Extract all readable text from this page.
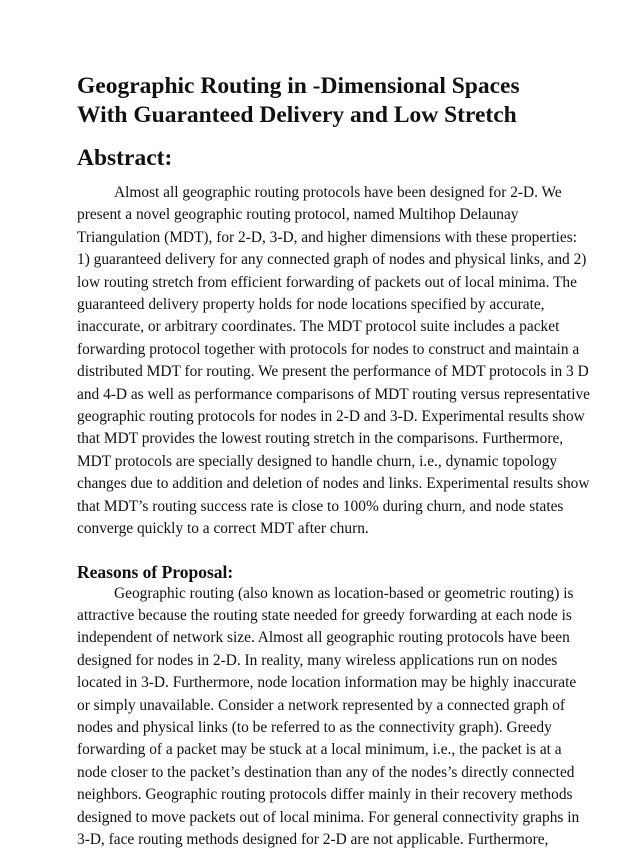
Geographic Routing in -Dimensional Spaces
With Guaranteed Delivery and Low Stretch
Abstract:

Almost all geographic routing protocols have been designed for 2-D. We
present a novel geographic routing protocol, named Multihop Delaunay
Triangulation (MDT), for 2-D, 3-D, and higher dimensions with these properties:
1) guaranteed delivery for any connected graph of nodes and physical links, and 2)
low routing stretch from efficient forwarding of packets out of local minima. The
guaranteed delivery property holds for node locations specified by accurate,
inaccurate, or arbitrary coordinates. The MDT protocol suite includes a packet
forwarding protocol together with protocols for nodes to construct and maintain a
distributed MDT for routing. We present the performance of MDT protocols in 3 D
and 4-D as well as performance comparisons of MDT routing versus representative
geographic routing protocols for nodes in 2-D and 3-D. Experimental results show
that MDT provides the lowest routing stretch in the comparisons. Furthermore,
MDT protocols are specially designed to handle churn, i.e., dynamic topology
changes due to addition and deletion of nodes and links. Experimental results show
that MDT’s routing success rate is close to 100% during churn, and node states
converge quickly to a correct MDT after churn.

Reasons of Proposal:

Geographic routing (also known as location-based or geometric routing) is
attractive because the routing state needed for greedy forwarding at each node is
independent of network size. Almost all geographic routing protocols have been
designed for nodes in 2-D. In reality, many wireless applications run on nodes
located in 3-D. Furthermore, node location information may be highly inaccurate
or simply unavailable. Consider a network represented by a connected graph of
nodes and physical links (to be referred to as the connectivity graph). Greedy
forwarding of a packet may be stuck at a local minimum, i.e., the packet is at a
node closer to the packet’s destination than any of the nodes’s directly connected
neighbors. Geographic routing protocols differ mainly in their recovery methods
designed to move packets out of local minima. For general connectivity graphs in
3-D, face routing methods designed for 2-D are not applicable. Furthermore,
